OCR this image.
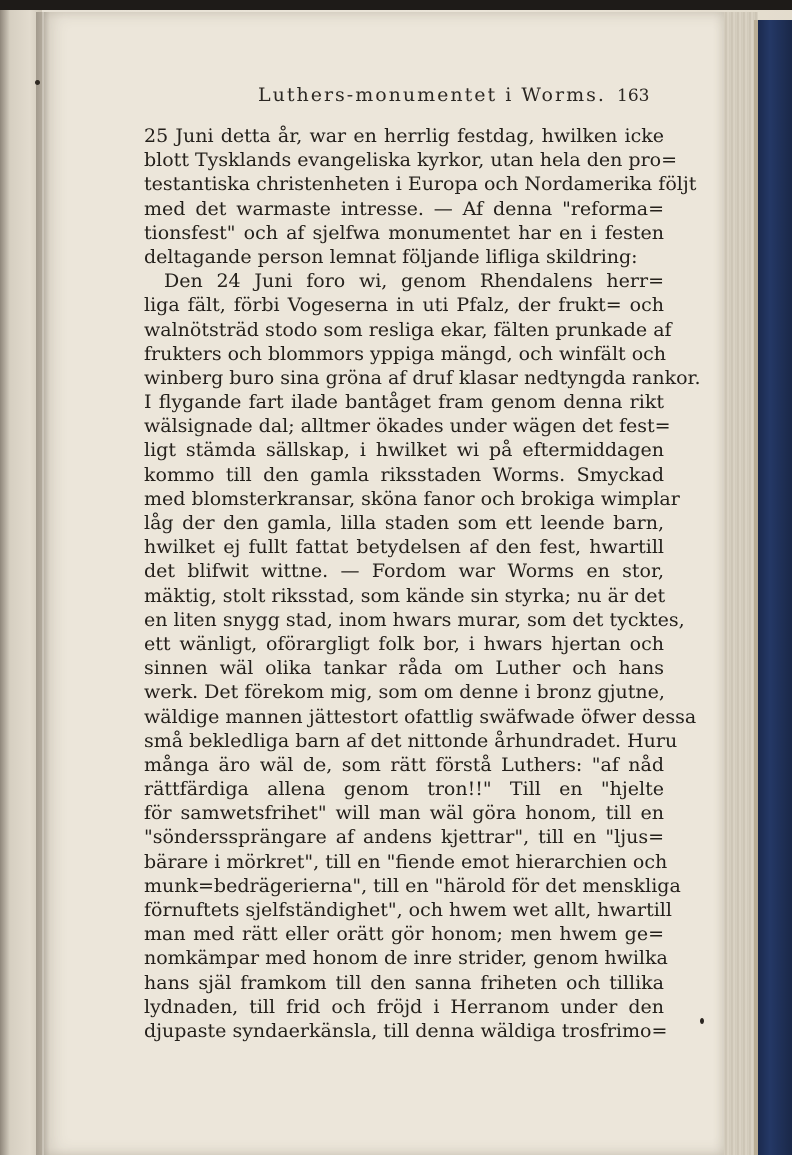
Luthers-monumentet i Worms. 163
25 Juni detta år, war en herrlig festdag, hwilken icke
blott Tysklands evangeliska kyrkor, utan hela den pro=
testantiska christenheten i Europa och Nordamerika följt
med det warmaste intresse. — Af denna "reforma=
tionsfest" och af sjelfwa monumentet har en i festen
deltagande person lemnat följande lifliga skildring:
Den 24 Juni foro wi, genom Rhendalens herr=
liga fält, förbi Vogeserna in uti Pfalz, der frukt= och
walnötsträd stodo som resliga ekar, fälten prunkade af
frukters och blommors yppiga mängd, och winfält och
winberg buro sina gröna af druf klasar nedtyngda rankor.
I flygande fart ilade bantåget fram genom denna rikt
wälsignade dal; alltmer ökades under wägen det fest=
ligt stämda sällskap, i hwilket wi på eftermiddagen
kommo till den gamla riksstaden Worms. Smyckad
med blomsterkransar, sköna fanor och brokiga wimplar
låg der den gamla, lilla staden som ett leende barn,
hwilket ej fullt fattat betydelsen af den fest, hwartill
det blifwit wittne. — Fordom war Worms en stor,
mäktig, stolt riksstad, som kände sin styrka; nu är det
en liten snygg stad, inom hwars murar, som det tycktes,
ett wänligt, oförargligt folk bor, i hwars hjertan och
sinnen wäl olika tankar råda om Luther och hans
werk. Det förekom mig, som om denne i bronz gjutne,
wäldige mannen jättestort ofattlig swäfwade öfwer dessa
små bekledliga barn af det nittonde århundradet. Huru
många äro wäl de, som rätt förstå Luthers: "af nåd
rättfärdiga allena genom tron!!" Till en "hjelte
för samwetsfrihet" will man wäl göra honom, till en
"sönderssprängare af andens kjettrar", till en "ljus=
bärare i mörkret", till en "fiende emot hierarchien och
munk=bedrägerierna", till en "härold för det menskliga
förnuftets sjelfständighet", och hwem wet allt, hwartill
man med rätt eller orätt gör honom; men hwem ge=
nomkämpar med honom de inre strider, genom hwilka
hans själ framkom till den sanna friheten och tillika
lydnaden, till frid och fröjd i Herranom under den
djupaste syndaerkänsla, till denna wäldiga trosfrimo=
